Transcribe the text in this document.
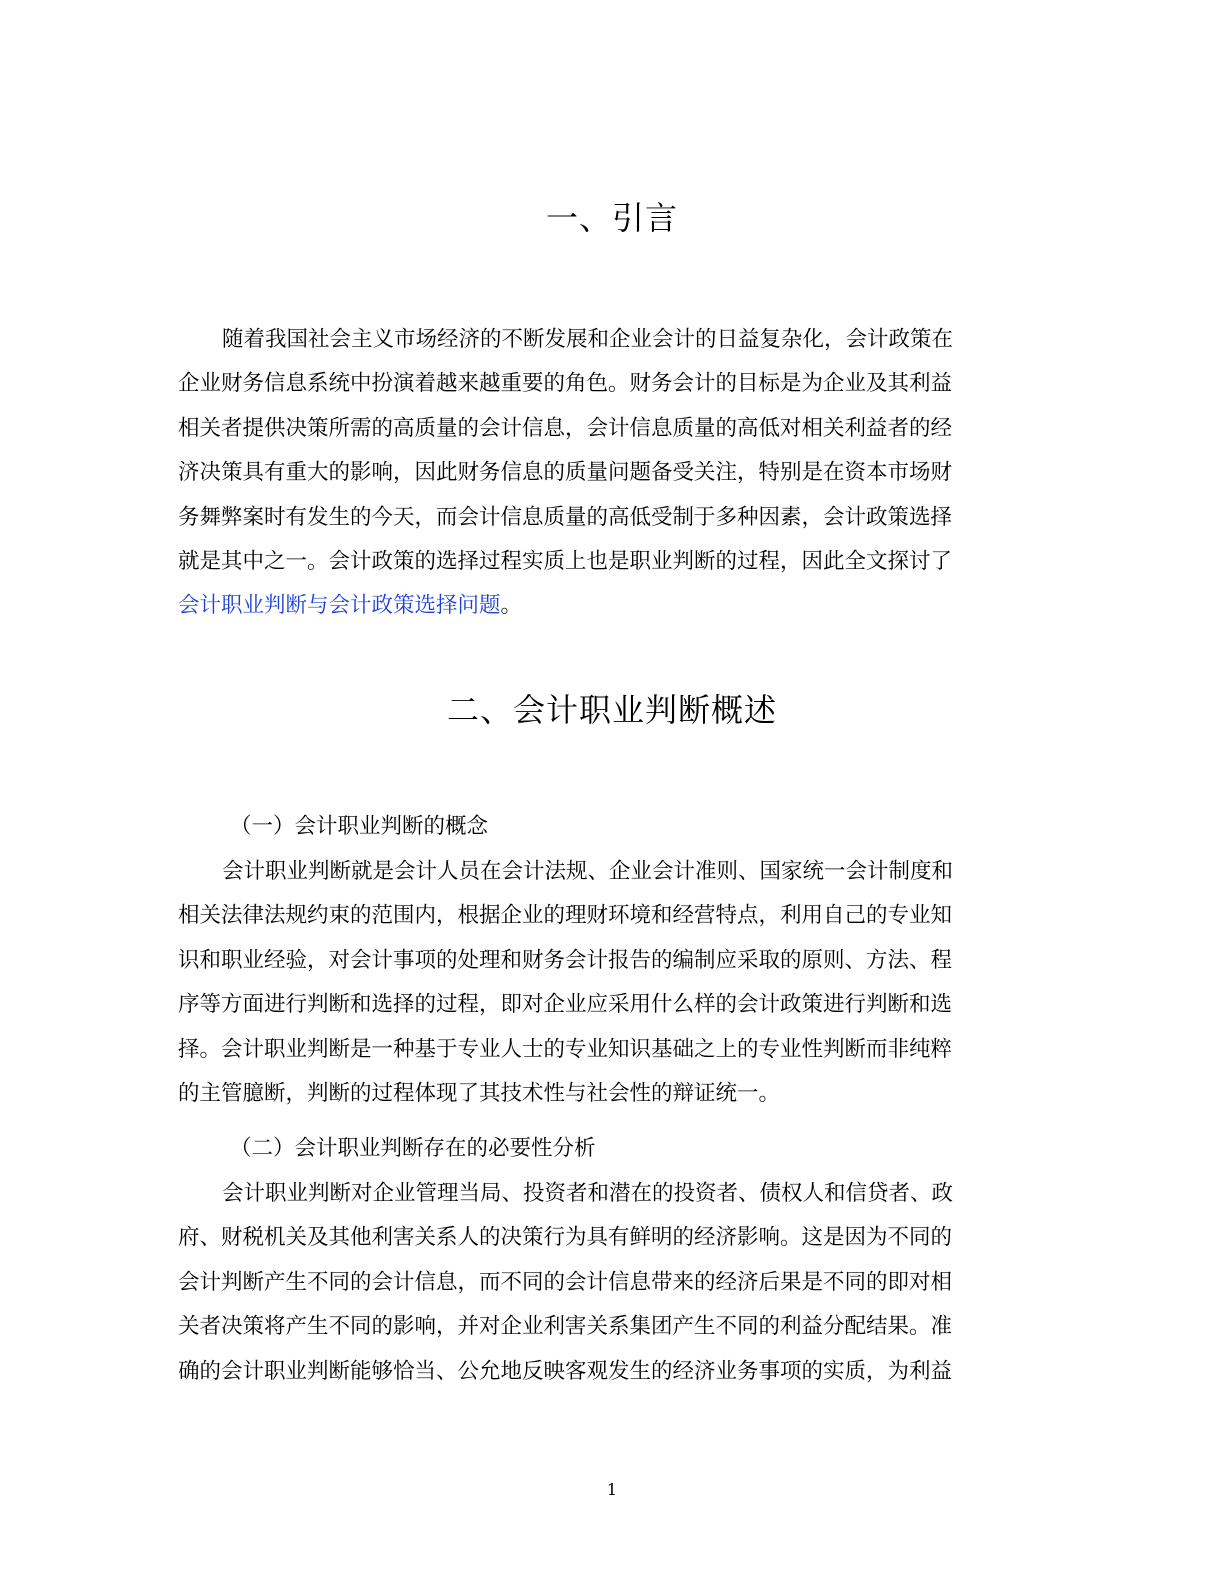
一、引言
随着我国社会主义市场经济的不断发展和企业会计的日益复杂化，会计政策在
企业财务信息系统中扮演着越来越重要的角色。财务会计的目标是为企业及其利益
相关者提供决策所需的高质量的会计信息，会计信息质量的高低对相关利益者的经
济决策具有重大的影响，因此财务信息的质量问题备受关注，特别是在资本市场财
务舞弊案时有发生的今天，而会计信息质量的高低受制于多种因素，会计政策选择
就是其中之一。会计政策的选择过程实质上也是职业判断的过程，因此全文探讨了
会计职业判断与会计政策选择问题。
二、会计职业判断概述
（一）会计职业判断的概念
会计职业判断就是会计人员在会计法规、企业会计准则、国家统一会计制度和
相关法律法规约束的范围内，根据企业的理财环境和经营特点，利用自己的专业知
识和职业经验，对会计事项的处理和财务会计报告的编制应采取的原则、方法、程
序等方面进行判断和选择的过程，即对企业应采用什么样的会计政策进行判断和选
择。会计职业判断是一种基于专业人士的专业知识基础之上的专业性判断而非纯粹
的主管臆断，判断的过程体现了其技术性与社会性的辩证统一。
（二）会计职业判断存在的必要性分析
会计职业判断对企业管理当局、投资者和潜在的投资者、债权人和信贷者、政
府、财税机关及其他利害关系人的决策行为具有鲜明的经济影响。这是因为不同的
会计判断产生不同的会计信息，而不同的会计信息带来的经济后果是不同的即对相
关者决策将产生不同的影响，并对企业利害关系集团产生不同的利益分配结果。准
确的会计职业判断能够恰当、公允地反映客观发生的经济业务事项的实质，为利益
1
